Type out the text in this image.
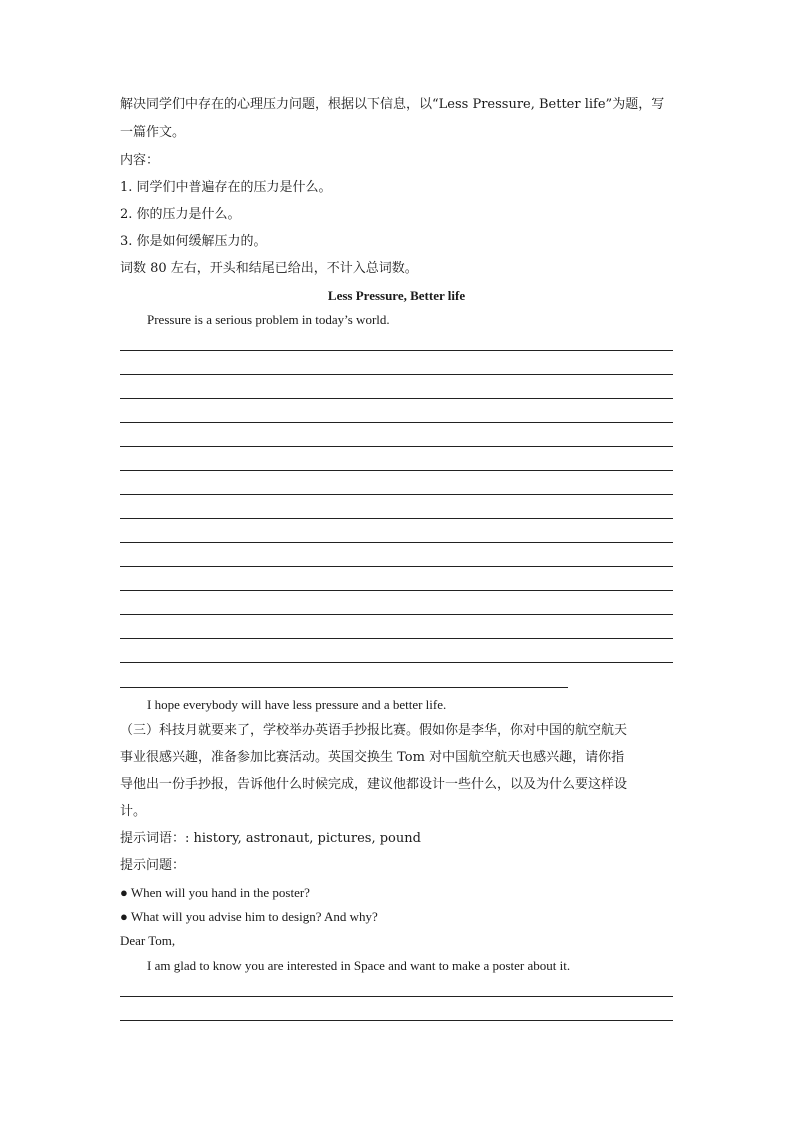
解决同学们中存在的心理压力问题，根据以下信息，以“Less Pressure, Better life”为题，写
一篇作文。
内容：
1. 同学们中普遍存在的压力是什么。
2. 你的压力是什么。
3. 你是如何缓解压力的。
词数 80 左右，开头和结尾已给出，不计入总词数。
Less Pressure, Better life
Pressure is a serious problem in today’s world.
I hope everybody will have less pressure and a better life.
（三）科技月就要来了，学校举办英语手抄报比赛。假如你是李华，你对中国的航空航天
事业很感兴趣，准备参加比赛活动。英国交换生 Tom 对中国航空航天也感兴趣，请你指
导他出一份手抄报，告诉他什么时候完成，建议他都设计一些什么，以及为什么要这样设
计。
提示词语：: history, astronaut, pictures, pound
提示问题：
● When will you hand in the poster?
● What will you advise him to design? And why?
Dear Tom,
I am glad to know you are interested in Space and want to make a poster about it.
